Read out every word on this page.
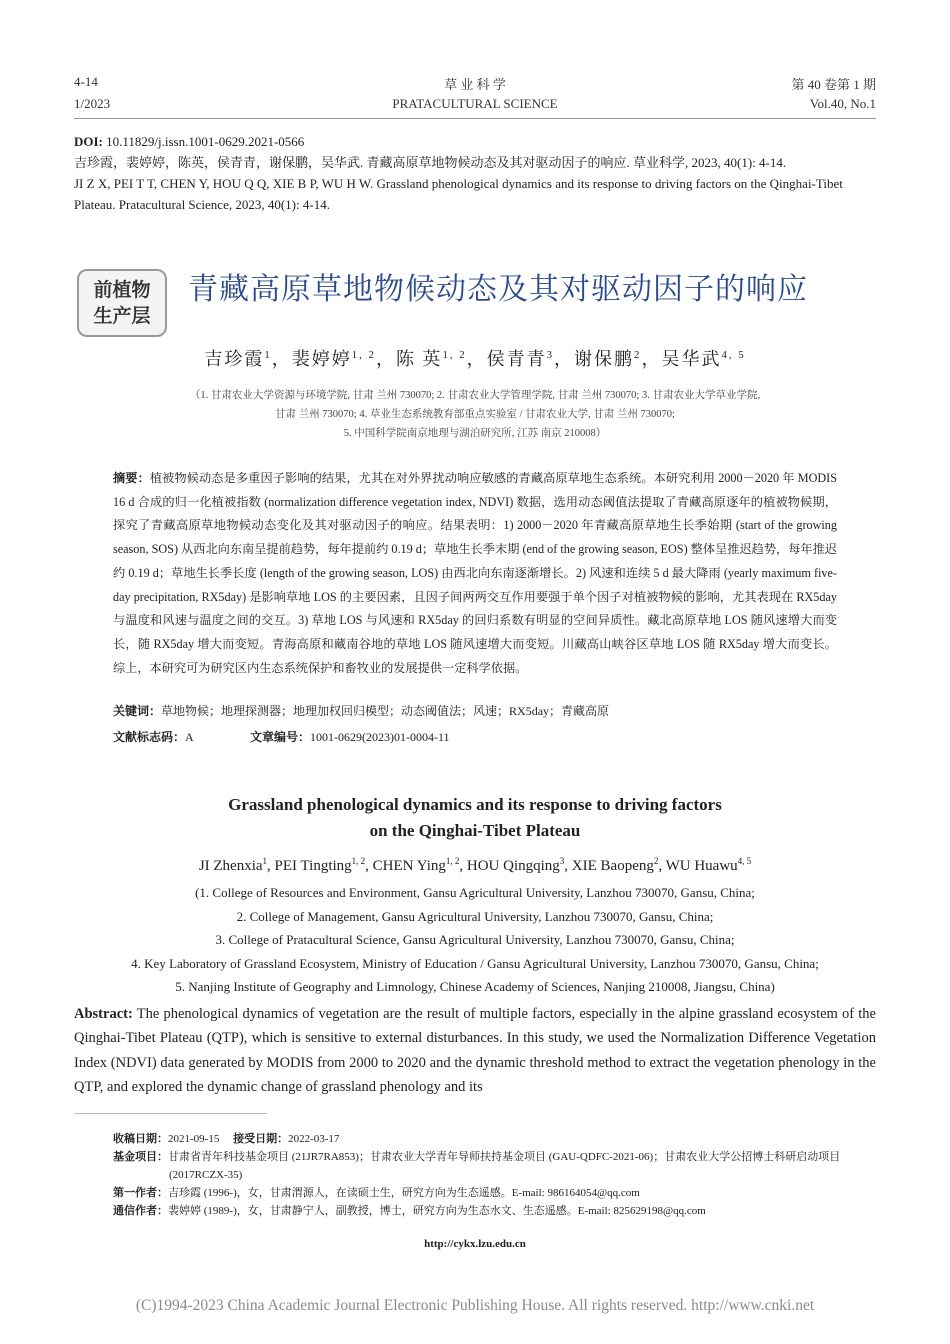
4-14
1/2023
草 业 科 学
PRATACULTURAL SCIENCE
第 40 卷第 1 期
Vol.40, No.1
DOI: 10.11829/j.issn.1001-0629.2021-0566
吉珍霞，裴婷婷，陈英，侯青青，谢保鹏，吴华武. 青藏高原草地物候动态及其对驱动因子的响应. 草业科学, 2023, 40(1): 4-14.
JI Z X, PEI T T, CHEN Y, HOU Q Q, XIE B P, WU H W. Grassland phenological dynamics and its response to driving factors on the Qinghai-Tibet Plateau. Pratacultural Science, 2023, 40(1): 4-14.
前植物
生产层
青藏高原草地物候动态及其对驱动因子的响应
吉珍霞$^1$，裴婷婷$^{1, 2}$，陈 英$^{1, 2}$，侯青青$^3$，谢保鹏$^2$，吴华武$^{4, 5}$
（1. 甘肃农业大学资源与环境学院, 甘肃 兰州 730070; 2. 甘肃农业大学管理学院, 甘肃 兰州 730070; 3. 甘肃农业大学草业学院,
甘肃 兰州 730070; 4. 草业生态系统教育部重点实验室 / 甘肃农业大学, 甘肃 兰州 730070;
5. 中国科学院南京地理与湖泊研究所, 江苏 南京 210008）
摘要：植被物候动态是多重因子影响的结果，尤其在对外界扰动响应敏感的青藏高原草地生态系统。本研究利用 2000－2020 年 MODIS 16 d 合成的归一化植被指数 (normalization difference vegetation index, NDVI) 数据，选用动态阈值法提取了青藏高原逐年的植被物候期，探究了青藏高原草地物候动态变化及其对驱动因子的响应。结果表明：1) 2000－2020 年青藏高原草地生长季始期 (start of the growing season, SOS) 从西北向东南呈提前趋势，每年提前约 0.19 d；草地生长季末期 (end of the growing season, EOS) 整体呈推迟趋势，每年推迟约 0.19 d；草地生长季长度 (length of the growing season, LOS) 由西北向东南逐渐增长。2) 风速和连续 5 d 最大降雨 (yearly maximum five-day precipitation, RX5day) 是影响草地 LOS 的主要因素，且因子间两两交互作用要强于单个因子对植被物候的影响，尤其表现在 RX5day 与温度和风速与温度之间的交互。3) 草地 LOS 与风速和 RX5day 的回归系数有明显的空间异质性。藏北高原草地 LOS 随风速增大而变长，随 RX5day 增大而变短。青海高原和藏南谷地的草地 LOS 随风速增大而变短。川藏高山峡谷区草地 LOS 随 RX5day 增大而变长。综上，本研究可为研究区内生态系统保护和畜牧业的发展提供一定科学依据。
关键词：草地物候；地理探测器；地理加权回归模型；动态阈值法；风速；RX5day；青藏高原
文献标志码：A	文章编号：1001-0629(2023)01-0004-11
Grassland phenological dynamics and its response to driving factors
on the Qinghai-Tibet Plateau
JI Zhenxia$^1$, PEI Tingting$^{1, 2}$, CHEN Ying$^{1, 2}$, HOU Qingqing$^3$, XIE Baopeng$^2$, WU Huawu$^{4, 5}$
(1. College of Resources and Environment, Gansu Agricultural University, Lanzhou 730070, Gansu, China;
2. College of Management, Gansu Agricultural University, Lanzhou 730070, Gansu, China;
3. College of Pratacultural Science, Gansu Agricultural University, Lanzhou 730070, Gansu, China;
4. Key Laboratory of Grassland Ecosystem, Ministry of Education / Gansu Agricultural University, Lanzhou 730070, Gansu, China;
5. Nanjing Institute of Geography and Limnology, Chinese Academy of Sciences, Nanjing 210008, Jiangsu, China)
Abstract: The phenological dynamics of vegetation are the result of multiple factors, especially in the alpine grassland ecosystem of the Qinghai-Tibet Plateau (QTP), which is sensitive to external disturbances. In this study, we used the Normalization Difference Vegetation Index (NDVI) data generated by MODIS from 2000 to 2020 and the dynamic threshold method to extract the vegetation phenology in the QTP, and explored the dynamic change of grassland phenology and its
收稿日期：2021-09-15 接受日期：2022-03-17
基金项目：甘肃省青年科技基金项目 (21JR7RA853)；甘肃农业大学青年导师扶持基金项目 (GAU-QDFC-2021-06)；甘肃农业大学公招博士科研启动项目 (2017RCZX-35)
第一作者：吉珍霞 (1996-)，女，甘肃渭源人，在读硕士生，研究方向为生态遥感。E-mail: 986164054@qq.com
通信作者：裴婷婷 (1989-)，女，甘肃静宁人，副教授，博士，研究方向为生态水文、生态遥感。E-mail: 825629198@qq.com
http://cykx.lzu.edu.cn
(C)1994-2023 China Academic Journal Electronic Publishing House. All rights reserved. http://www.cnki.net
